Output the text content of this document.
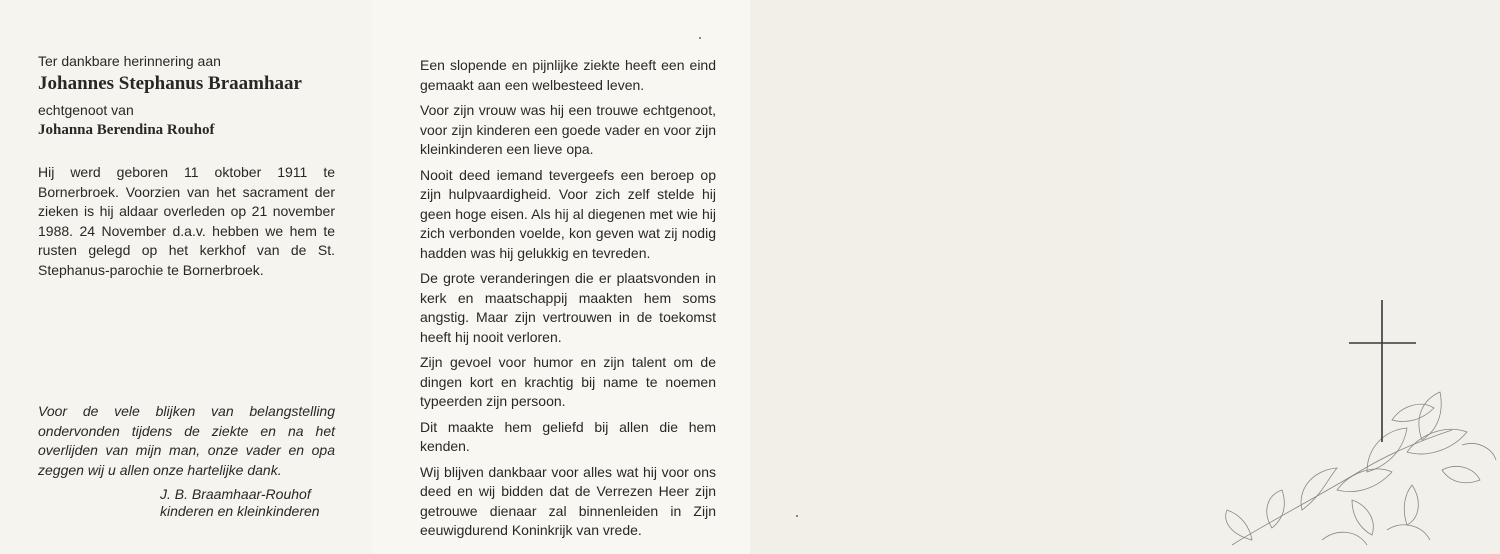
Ter dankbare herinnering aan

Johannes Stephanus Braamhaar

echtgenoot van

Johanna Berendina Rouhof

Hij werd geboren 11 oktober 1911 te Bornerbroek. Voorzien van het sacrament der zieken is hij aldaar overleden op 21 november 1988. 24 November d.a.v. hebben we hem te rusten gelegd op het kerkhof van de St. Stephanus-parochie te Bornerbroek.

Voor de vele blijken van belangstelling ondervonden tijdens de ziekte en na het overlijden van mijn man, onze vader en opa zeggen wij u allen onze hartelijke dank.

J. B. Braamhaar-Rouhof

kinderen en kleinkinderen

Een slopende en pijnlijke ziekte heeft een eind gemaakt aan een welbesteed leven.

Voor zijn vrouw was hij een trouwe echtgenoot, voor zijn kinderen een goede vader en voor zijn kleinkinderen een lieve opa.

Nooit deed iemand tevergeefs een beroep op zijn hulpvaardigheid. Voor zich zelf stelde hij geen hoge eisen. Als hij al diegenen met wie hij zich verbonden voelde, kon geven wat zij nodig hadden was hij gelukkig en tevreden.

De grote veranderingen die er plaatsvonden in kerk en maatschappij maakten hem soms angstig. Maar zijn vertrouwen in de toekomst heeft hij nooit verloren.

Zijn gevoel voor humor en zijn talent om de dingen kort en krachtig bij name te noemen typeerden zijn persoon.

Dit maakte hem geliefd bij allen die hem kenden.

Wij blijven dankbaar voor alles wat hij voor ons deed en wij bidden dat de Verrezen Heer zijn getrouwe dienaar zal binnenleiden in Zijn eeuwigdurend Koninkrijk van vrede.
